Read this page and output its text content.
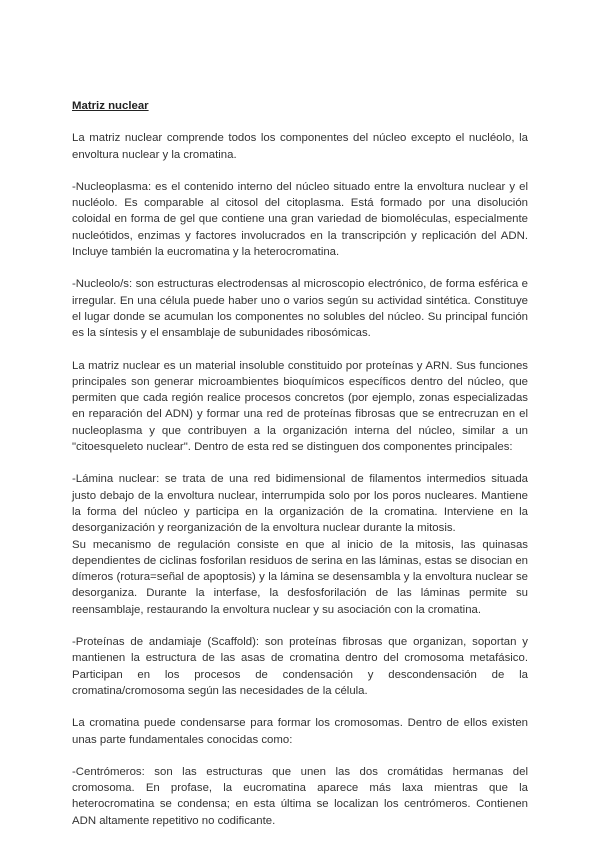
Matriz nuclear

La matriz nuclear comprende todos los componentes del núcleo excepto el nucléolo, la envoltura nuclear y la cromatina.

-Nucleoplasma: es el contenido interno del núcleo situado entre la envoltura nuclear y el nucléolo. Es comparable al citosol del citoplasma. Está formado por una disolución coloidal en forma de gel que contiene una gran variedad de biomoléculas, especialmente nucleótidos, enzimas y factores involucrados en la transcripción y replicación del ADN. Incluye también la eucromatina y la heterocromatina.

-Nucleolo/s: son estructuras electrodensas al microscopio electrónico, de forma esférica e irregular. En una célula puede haber uno o varios según su actividad sintética. Constituye el lugar donde se acumulan los componentes no solubles del núcleo. Su principal función es la síntesis y el ensamblaje de subunidades ribosómicas.

La matriz nuclear es un material insoluble constituido por proteínas y ARN. Sus funciones principales son generar microambientes bioquímicos específicos dentro del núcleo, que permiten que cada región realice procesos concretos (por ejemplo, zonas especializadas en reparación del ADN) y formar una red de proteínas fibrosas que se entrecruzan en el nucleoplasma y que contribuyen a la organización interna del núcleo, similar a un "citoesqueleto nuclear". Dentro de esta red se distinguen dos componentes principales:

-Lámina nuclear: se trata de una red bidimensional de filamentos intermedios situada justo debajo de la envoltura nuclear, interrumpida solo por los poros nucleares. Mantiene la forma del núcleo y participa en la organización de la cromatina. Interviene en la desorganización y reorganización de la envoltura nuclear durante la mitosis.

Su mecanismo de regulación consiste en que al inicio de la mitosis, las quinasas dependientes de ciclinas fosforilan residuos de serina en las láminas, estas se disocian en dímeros (rotura=señal de apoptosis) y la lámina se desensambla y la envoltura nuclear se desorganiza. Durante la interfase, la desfosforilación de las láminas permite su reensamblaje, restaurando la envoltura nuclear y su asociación con la cromatina.

-Proteínas de andamiaje (Scaffold): son proteínas fibrosas que organizan, soportan y mantienen la estructura de las asas de cromatina dentro del cromosoma metafásico. Participan en los procesos de condensación y descondensación de la cromatina/cromosoma según las necesidades de la célula.

La cromatina puede condensarse para formar los cromosomas. Dentro de ellos existen unas parte fundamentales conocidas como:

-Centrómeros: son las estructuras que unen las dos cromátidas hermanas del cromosoma. En profase, la eucromatina aparece más laxa mientras que la heterocromatina se condensa; en esta última se localizan los centrómeros. Contienen ADN altamente repetitivo no codificante.
